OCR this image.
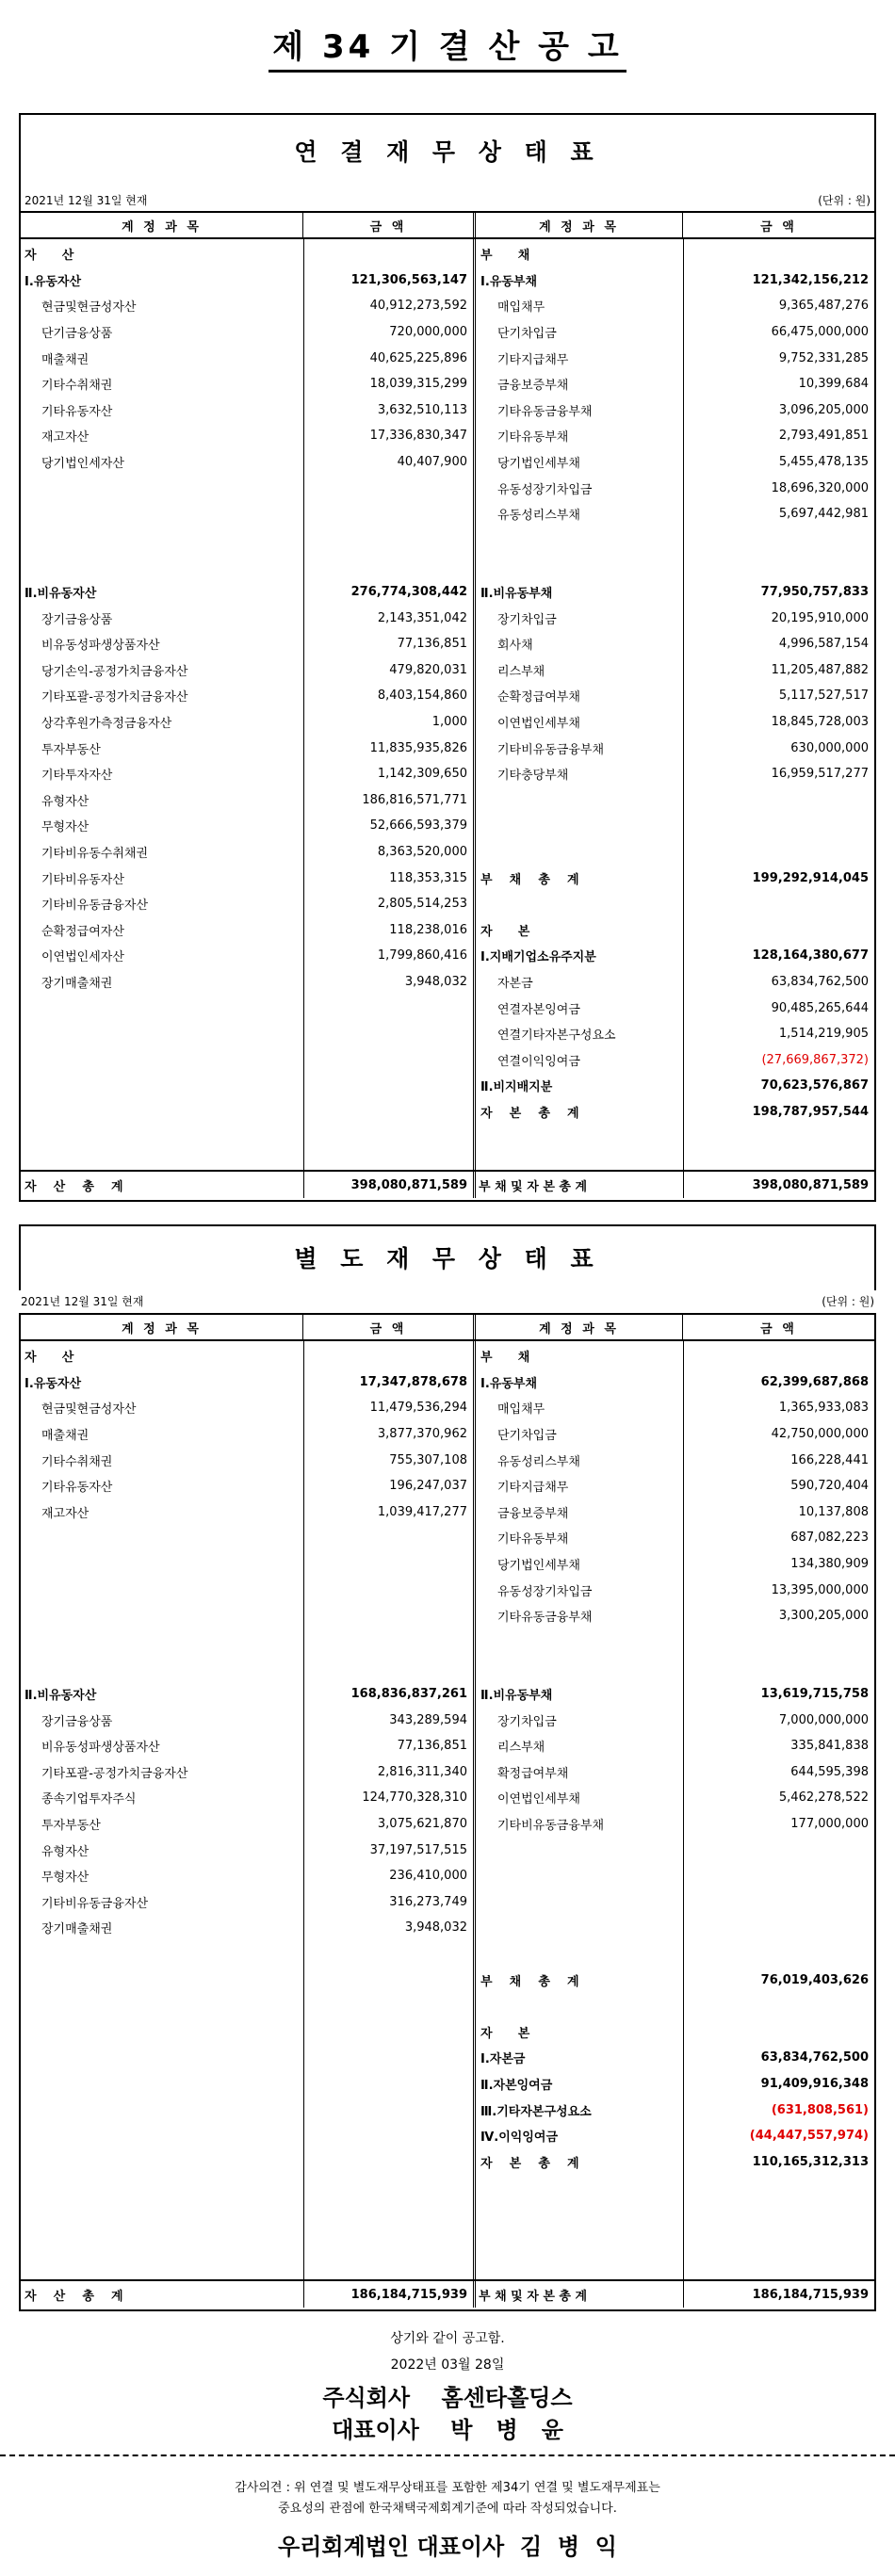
제 34 기 결 산 공 고
연 결 재 무 상 태 표
2021년 12월 31일 현재	(단위 : 원)
계 정 과 목	금 액	계 정 과 목	금 액
자      산
Ⅰ.유동자산	121,306,563,147
현금및현금성자산	40,912,273,592
단기금융상품	720,000,000
매출채권	40,625,225,896
기타수취채권	18,039,315,299
기타유동자산	3,632,510,113
재고자산	17,336,830,347
당기법인세자산	40,407,900
Ⅱ.비유동자산	276,774,308,442
장기금융상품	2,143,351,042
비유동성파생상품자산	77,136,851
당기손익-공정가치금융자산	479,820,031
기타포괄-공정가치금융자산	8,403,154,860
상각후원가측정금융자산	1,000
투자부동산	11,835,935,826
기타투자자산	1,142,309,650
유형자산	186,816,571,771
무형자산	52,666,593,379
기타비유동수취채권	8,363,520,000
기타비유동자산	118,353,315
기타비유동금융자산	2,805,514,253
순확정급여자산	118,238,016
이연법인세자산	1,799,860,416
장기매출채권	3,948,032
부      채
Ⅰ.유동부채	121,342,156,212
매입채무	9,365,487,276
단기차입금	66,475,000,000
기타지급채무	9,752,331,285
금융보증부채	10,399,684
기타유동금융부채	3,096,205,000
기타유동부채	2,793,491,851
당기법인세부채	5,455,478,135
유동성장기차입금	18,696,320,000
유동성리스부채	5,697,442,981
Ⅱ.비유동부채	77,950,757,833
장기차입금	20,195,910,000
회사채	4,996,587,154
리스부채	11,205,487,882
순확정급여부채	5,117,527,517
이연법인세부채	18,845,728,003
기타비유동금융부채	630,000,000
기타충당부채	16,959,517,277
부    채    총    계	199,292,914,045
자      본
Ⅰ.지배기업소유주지분	128,164,380,677
자본금	63,834,762,500
연결자본잉여금	90,485,265,644
연결기타자본구성요소	1,514,219,905
연결이익잉여금	(27,669,867,372)
Ⅱ.비지배지분	70,623,576,867
자    본    총    계	198,787,957,544
자    산    총    계	398,080,871,589 부 채 및 자 본 총 계	398,080,871,589
별 도 재 무 상 태 표
2021년 12월 31일 현재	(단위 : 원)
계 정 과 목	금 액	계 정 과 목	금 액
자      산
Ⅰ.유동자산	17,347,878,678
현금및현금성자산	11,479,536,294
매출채권	3,877,370,962
기타수취채권	755,307,108
기타유동자산	196,247,037
재고자산	1,039,417,277
Ⅱ.비유동자산	168,836,837,261
장기금융상품	343,289,594
비유동성파생상품자산	77,136,851
기타포괄-공정가치금융자산	2,816,311,340
종속기업투자주식	124,770,328,310
투자부동산	3,075,621,870
유형자산	37,197,517,515
무형자산	236,410,000
기타비유동금융자산	316,273,749
장기매출채권	3,948,032
부      채
Ⅰ.유동부채	62,399,687,868
매입채무	1,365,933,083
단기차입금	42,750,000,000
유동성리스부채	166,228,441
기타지급채무	590,720,404
금융보증부채	10,137,808
기타유동부채	687,082,223
당기법인세부채	134,380,909
유동성장기차입금	13,395,000,000
기타유동금융부채	3,300,205,000
Ⅱ.비유동부채	13,619,715,758
장기차입금	7,000,000,000
리스부채	335,841,838
확정급여부채	644,595,398
이연법인세부채	5,462,278,522
기타비유동금융부채	177,000,000
부    채    총    계	76,019,403,626
자      본
Ⅰ.자본금	63,834,762,500
Ⅱ.자본잉여금	91,409,916,348
Ⅲ.기타자본구성요소	(631,808,561)
Ⅳ.이익잉여금	(44,447,557,974)
자    본    총    계	110,165,312,313
자    산    총    계	186,184,715,939 부 채 및 자 본 총 계	186,184,715,939
상기와 같이 공고함.
2022년 03월 28일
주식회사    홈센타홀딩스
대표이사    박   병   윤
감사의견 : 위 연결 및 별도재무상태표를 포함한 제34기 연결 및 별도재무제표는
중요성의 관점에 한국채택국제회계기준에 따라 작성되었습니다.
우리회계법인 대표이사  김  병  익
